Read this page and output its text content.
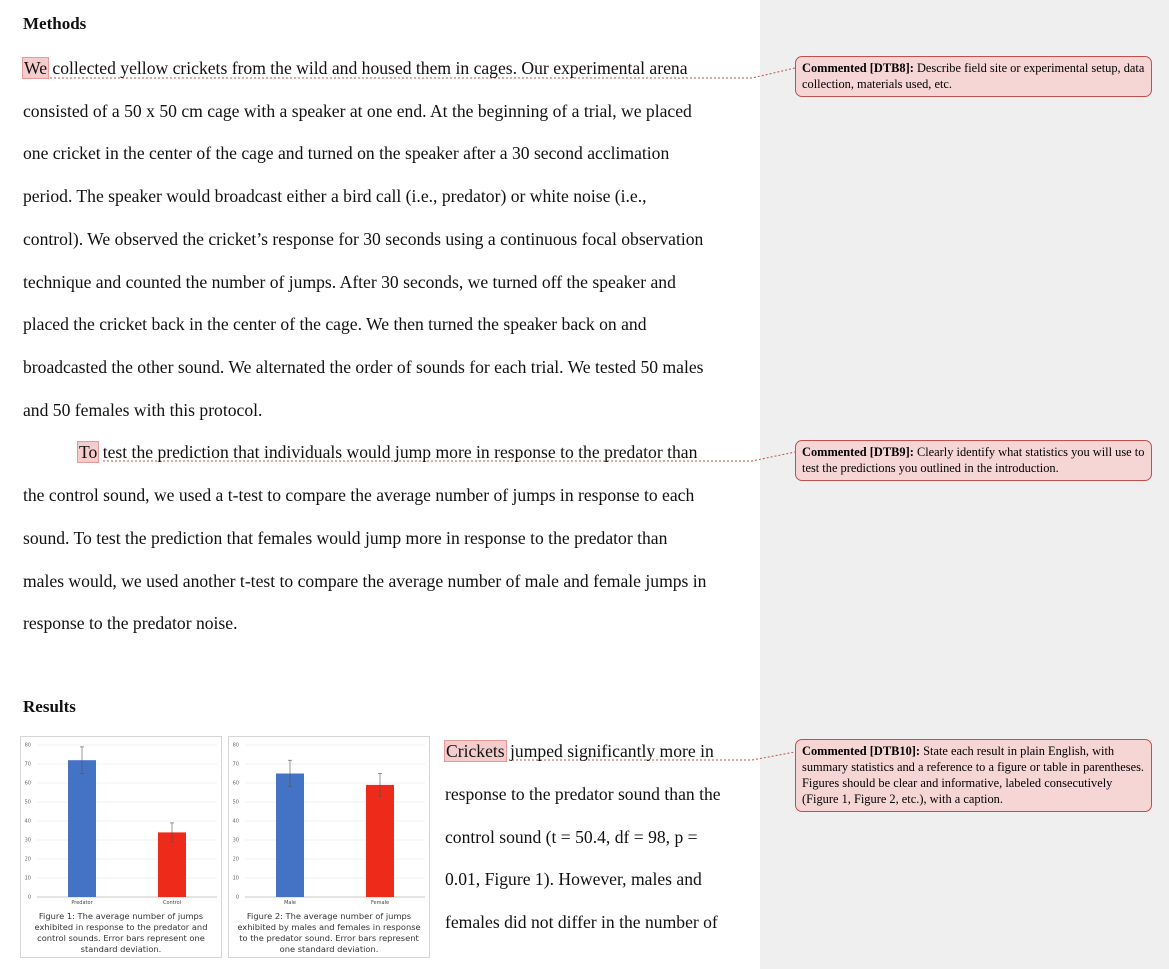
Methods
We collected yellow crickets from the wild and housed them in cages. Our experimental arena
consisted of a 50 x 50 cm cage with a speaker at one end. At the beginning of a trial, we placed
one cricket in the center of the cage and turned on the speaker after a 30 second acclimation
period. The speaker would broadcast either a bird call (i.e., predator) or white noise (i.e.,
control). We observed the cricket’s response for 30 seconds using a continuous focal observation
technique and counted the number of jumps. After 30 seconds, we turned off the speaker and
placed the cricket back in the center of the cage. We then turned the speaker back on and
broadcasted the other sound. We alternated the order of sounds for each trial. We tested 50 males
and 50 females with this protocol.
To test the prediction that individuals would jump more in response to the predator than
the control sound, we used a t-test to compare the average number of jumps in response to each
sound. To test the prediction that females would jump more in response to the predator than
males would, we used another t-test to compare the average number of male and female jumps in
response to the predator noise.
Results
0
10
20
30
40
50
60
70
80
Predator	Control
Figure 1: The average number of jumps exhibited in response to the predator and control sounds. Error bars represent one standard deviation.
0
10
20
30
40
50
60
70
80
Male	Female
Figure 2: The average number of jumps exhibited by males and females in response to the predator sound. Error bars represent one standard deviation.
Crickets jumped significantly more in
response to the predator sound than the
control sound (t = 50.4, df = 98, p =
0.01, Figure 1). However, males and
females did not differ in the number of
Commented [DTB8]: Describe field site or experimental setup, data collection, materials used, etc.
Commented [DTB9]: Clearly identify what statistics you will use to test the predictions you outlined in the introduction.
Commented [DTB10]: State each result in plain English, with summary statistics and a reference to a figure or table in parentheses. Figures should be clear and informative, labeled consecutively (Figure 1, Figure 2, etc.), with a caption.
